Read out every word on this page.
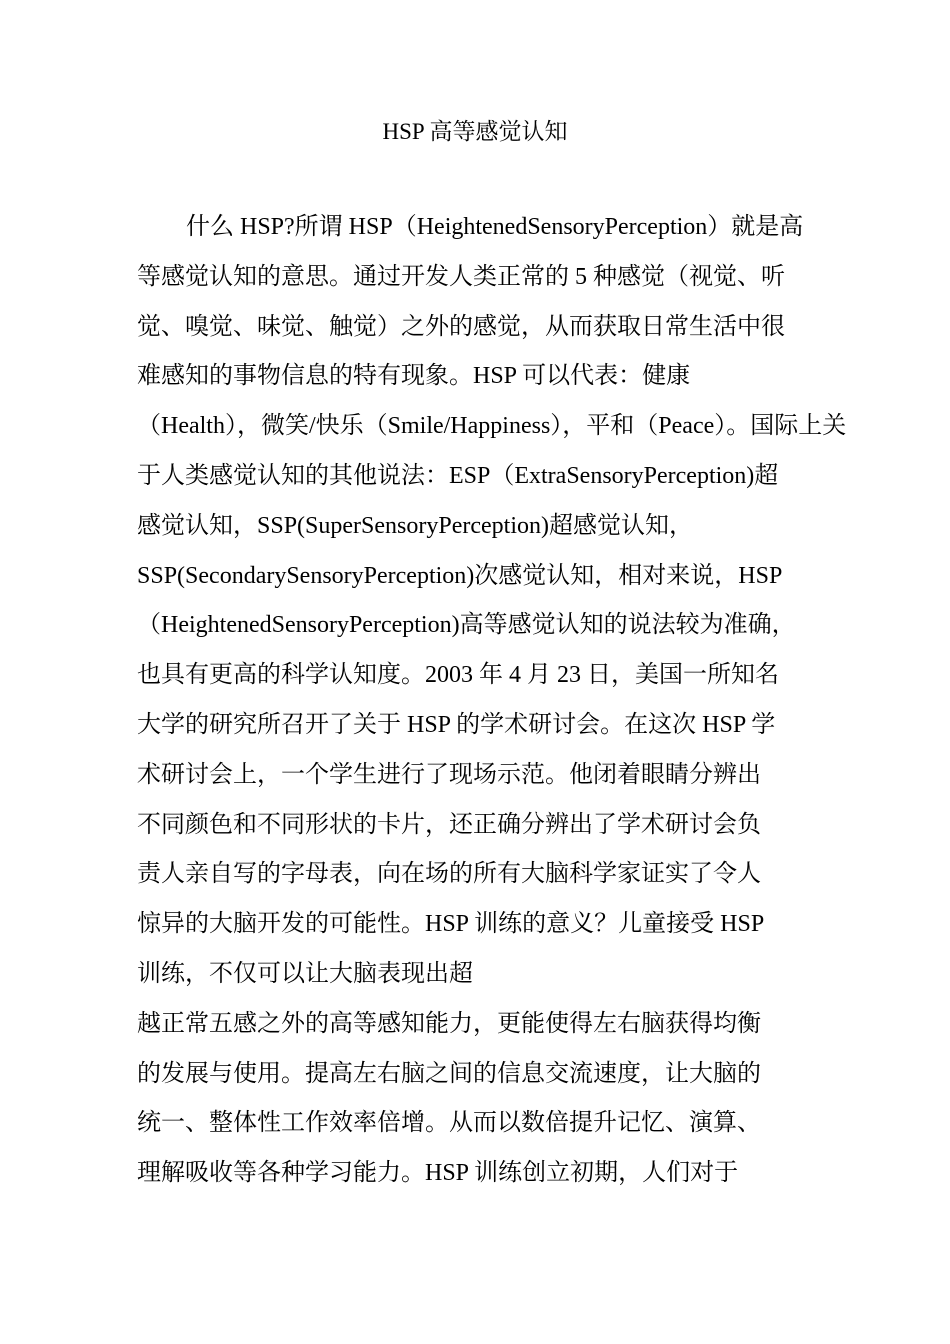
HSP 高等感觉认知
什么 HSP?所谓 HSP（HeightenedSensoryPerception）就是高
等感觉认知的意思。通过开发人类正常的 5 种感觉（视觉、听
觉、嗅觉、味觉、触觉）之外的感觉，从而获取日常生活中很
难感知的事物信息的特有现象。HSP 可以代表：健康
（Health），微笑/快乐（Smile/Happiness），平和（Peace）。国际上关
于人类感觉认知的其他说法：ESP（ExtraSensoryPerception)超
感觉认知，SSP(SuperSensoryPerception)超感觉认知，
SSP(SecondarySensoryPerception)次感觉认知，相对来说，HSP
（HeightenedSensoryPerception)高等感觉认知的说法较为准确，
也具有更高的科学认知度。2003 年 4 月 23 日，美国一所知名
大学的研究所召开了关于 HSP 的学术研讨会。在这次 HSP 学
术研讨会上，一个学生进行了现场示范。他闭着眼睛分辨出
不同颜色和不同形状的卡片，还正确分辨出了学术研讨会负
责人亲自写的字母表，向在场的所有大脑科学家证实了令人
惊异的大脑开发的可能性。HSP 训练的意义？儿童接受 HSP
训练，不仅可以让大脑表现出超
越正常五感之外的高等感知能力，更能使得左右脑获得均衡
的发展与使用。提高左右脑之间的信息交流速度，让大脑的
统一、整体性工作效率倍增。从而以数倍提升记忆、演算、
理解吸收等各种学习能力。HSP 训练创立初期，人们对于
